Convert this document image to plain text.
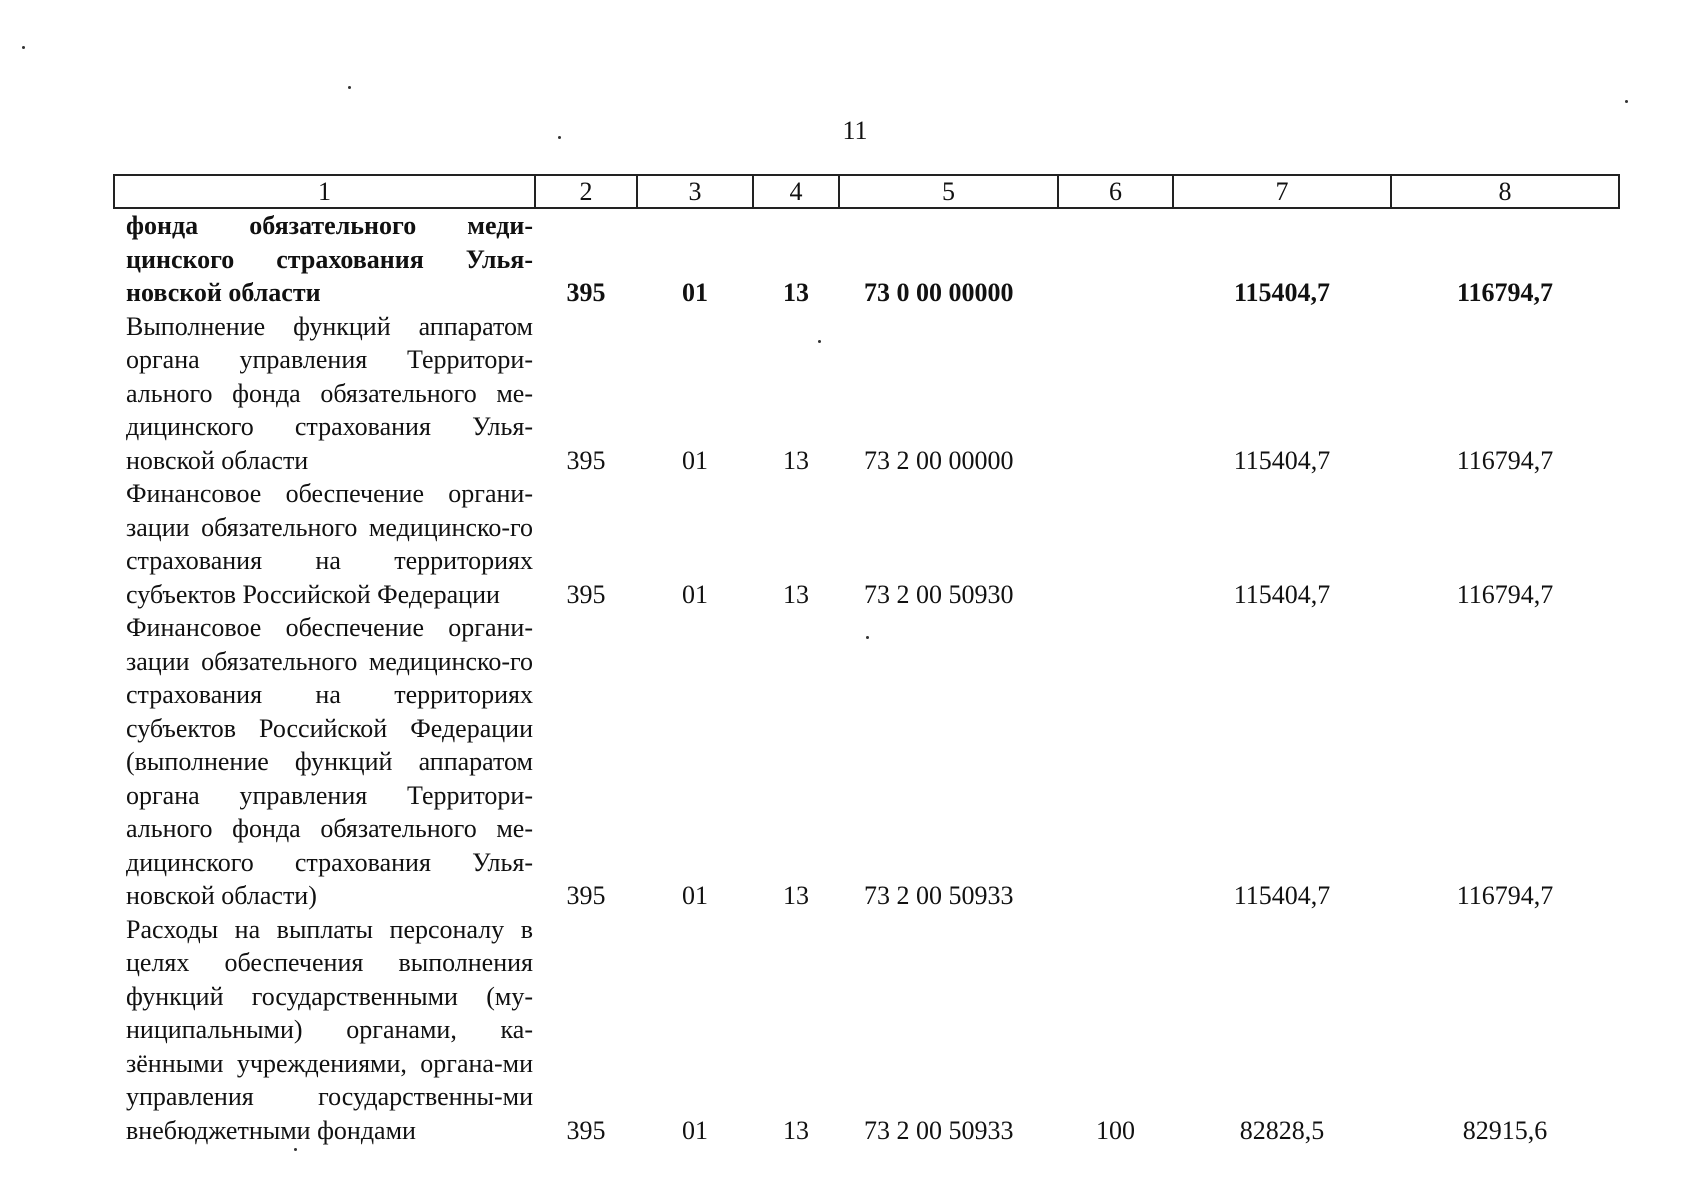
11
1	2	3	4	5	6	7	8
фонда обязательного меди-цинского страхования Улья-новской области	395	01	13	73 0 00 00000		115404,7	116794,7
Выполнение функций аппаратом органа управления Территори-ального фонда обязательного ме-дицинского страхования Улья-новской области	395	01	13	73 2 00 00000		115404,7	116794,7
Финансовое обеспечение органи-зации обязательного медицинско-го страхования на территориях субъектов Российской Федерации	395	01	13	73 2 00 50930		115404,7	116794,7
Финансовое обеспечение органи-зации обязательного медицинско-го страхования на территориях субъектов Российской Федерации (выполнение функций аппаратом органа управления Территори-ального фонда обязательного ме-дицинского страхования Улья-новской области)	395	01	13	73 2 00 50933		115404,7	116794,7
Расходы на выплаты персоналу в целях обеспечения выполнения функций государственными (му-ниципальными) органами, ка-зёнными учреждениями, органа-ми управления государственны-ми внебюджетными фондами	395	01	13	73 2 00 50933	100	82828,5	82915,6
